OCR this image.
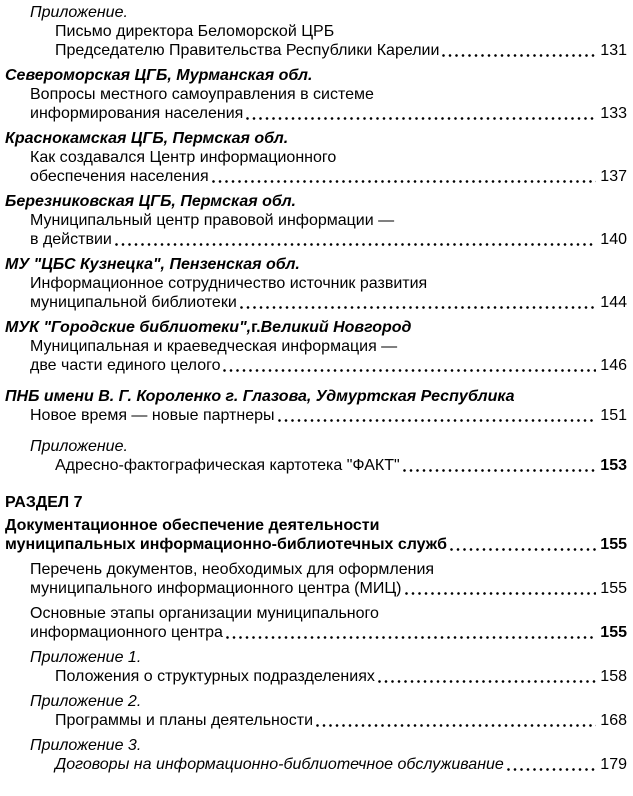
Приложение.
Письмо директора Беломорской ЦРБ
Председателю Правительства Республики Карелии	131
Североморская ЦГБ, Мурманская обл.
Вопросы местного самоуправления в системе
информирования населения	133
Краснокамская ЦГБ, Пермская обл.
Как создавался Центр информационного
обеспечения населения	137
Березниковская ЦГБ, Пермская обл.
Муниципальный центр правовой информации —
в действии	140
МУ "ЦБС Кузнецка", Пензенская обл.
Информационное сотрудничество источник развития
муниципальной библиотеки	144
МУК "Городские библиотеки", г. Великий Новгород
Муниципальная и краеведческая информация —
две части единого целого	146
ПНБ имени В. Г. Короленко г. Глазова, Удмуртская Республика
Новое время — новые партнеры	151
Приложение.
Адресно-фактографическая картотека "ФАКТ"	153
РАЗДЕЛ 7
Документационное обеспечение деятельности
муниципальных информационно-библиотечных служб	155
Перечень документов, необходимых для оформления
муниципального информационного центра (МИЦ)	155
Основные этапы организации муниципального
информационного центра	155
Приложение 1.
Положения о структурных подразделениях	158
Приложение 2.
Программы и планы деятельности	168
Приложение 3.
Договоры на информационно-библиотечное обслуживание	179
